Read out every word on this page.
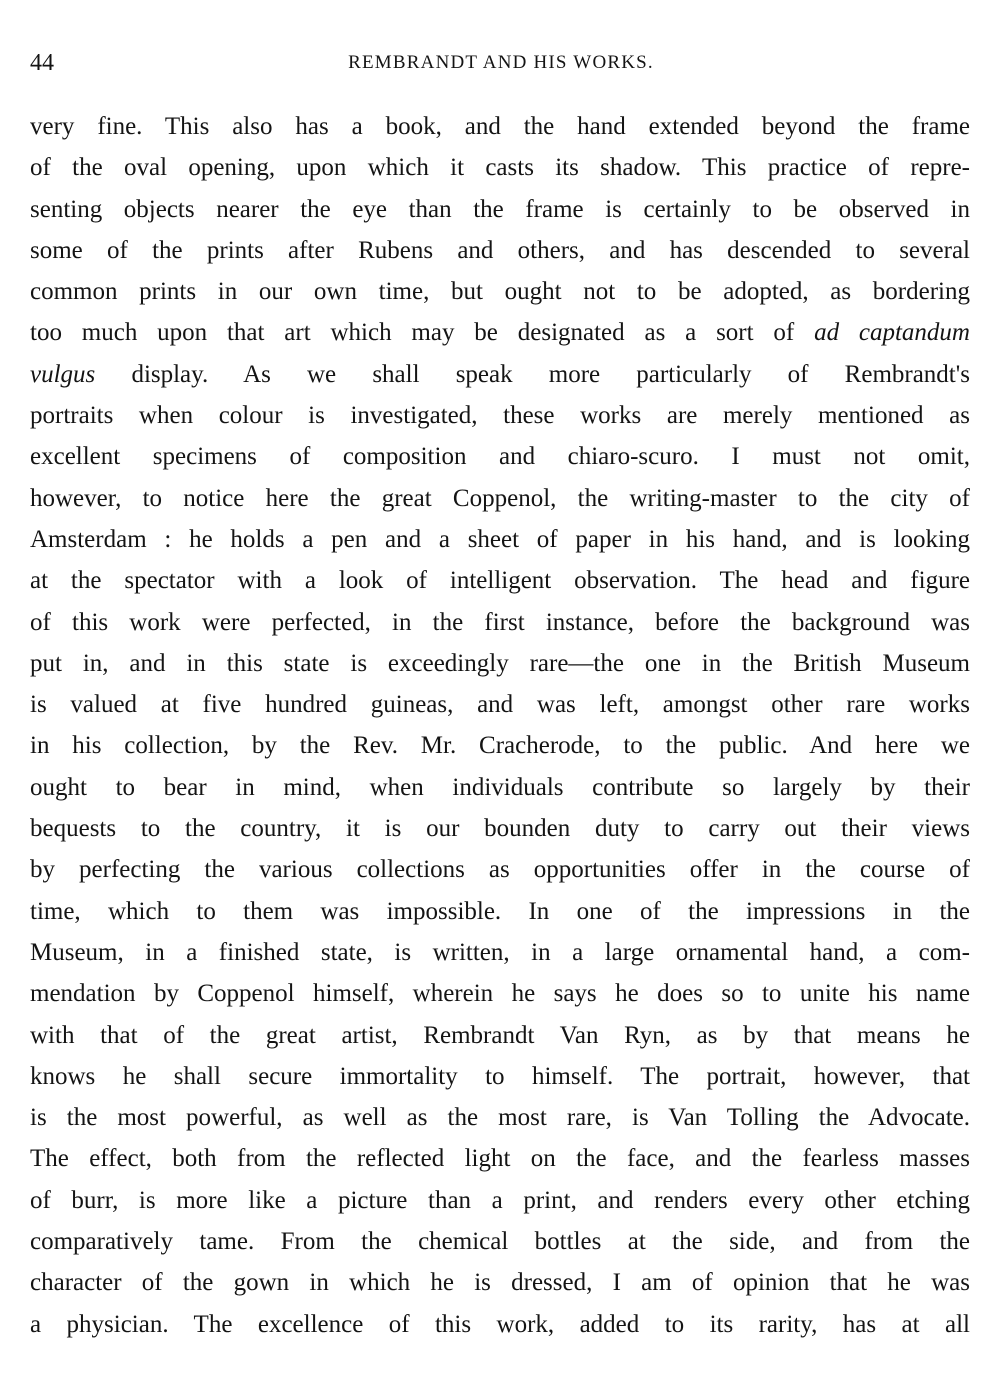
44	REMBRANDT AND HIS WORKS.
very fine. This also has a book, and the hand extended beyond the frame
of the oval opening, upon which it casts its shadow. This practice of repre-
senting objects nearer the eye than the frame is certainly to be observed in
some of the prints after Rubens and others, and has descended to several
common prints in our own time, but ought not to be adopted, as bordering
too much upon that art which may be designated as a sort of ad captandum
vulgus display. As we shall speak more particularly of Rembrandt's
portraits when colour is investigated, these works are merely mentioned as
excellent specimens of composition and chiaro-scuro. I must not omit,
however, to notice here the great Coppenol, the writing-master to the city of
Amsterdam : he holds a pen and a sheet of paper in his hand, and is looking
at the spectator with a look of intelligent observation. The head and figure
of this work were perfected, in the first instance, before the background was
put in, and in this state is exceedingly rare—the one in the British Museum
is valued at five hundred guineas, and was left, amongst other rare works
in his collection, by the Rev. Mr. Cracherode, to the public. And here we
ought to bear in mind, when individuals contribute so largely by their
bequests to the country, it is our bounden duty to carry out their views
by perfecting the various collections as opportunities offer in the course of
time, which to them was impossible. In one of the impressions in the
Museum, in a finished state, is written, in a large ornamental hand, a com-
mendation by Coppenol himself, wherein he says he does so to unite his name
with that of the great artist, Rembrandt Van Ryn, as by that means he
knows he shall secure immortality to himself. The portrait, however, that
is the most powerful, as well as the most rare, is Van Tolling the Advocate.
The effect, both from the reflected light on the face, and the fearless masses
of burr, is more like a picture than a print, and renders every other etching
comparatively tame. From the chemical bottles at the side, and from the
character of the gown in which he is dressed, I am of opinion that he was
a physician. The excellence of this work, added to its rarity, has at all
